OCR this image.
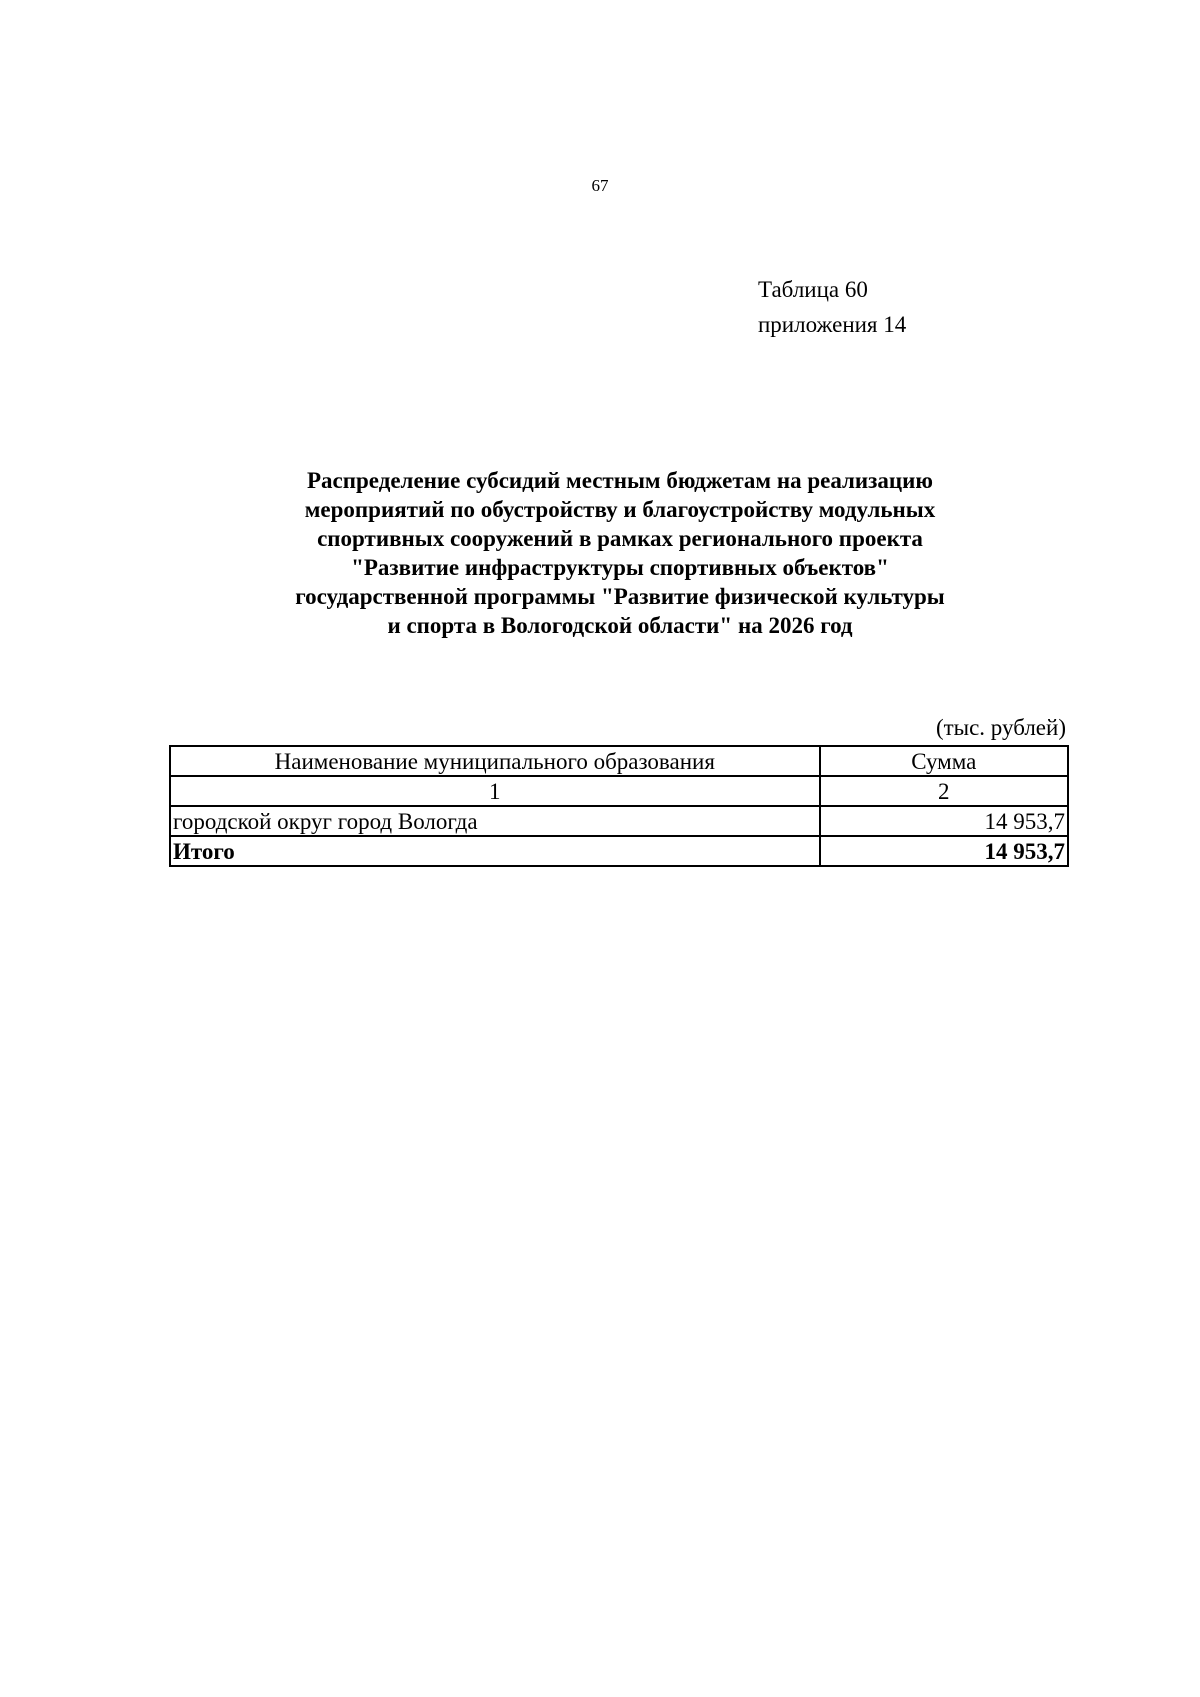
67
Таблица 60
приложения 14
Распределение субсидий местным бюджетам на реализацию
мероприятий по обустройству и благоустройству модульных
спортивных сооружений в рамках регионального проекта
"Развитие инфраструктуры спортивных объектов"
государственной программы "Развитие физической культуры
и спорта в Вологодской области" на 2026 год
(тыс. рублей)
Наименование муниципального образования	Сумма
1	2
городской округ город Вологда	14 953,7
Итого	14 953,7
